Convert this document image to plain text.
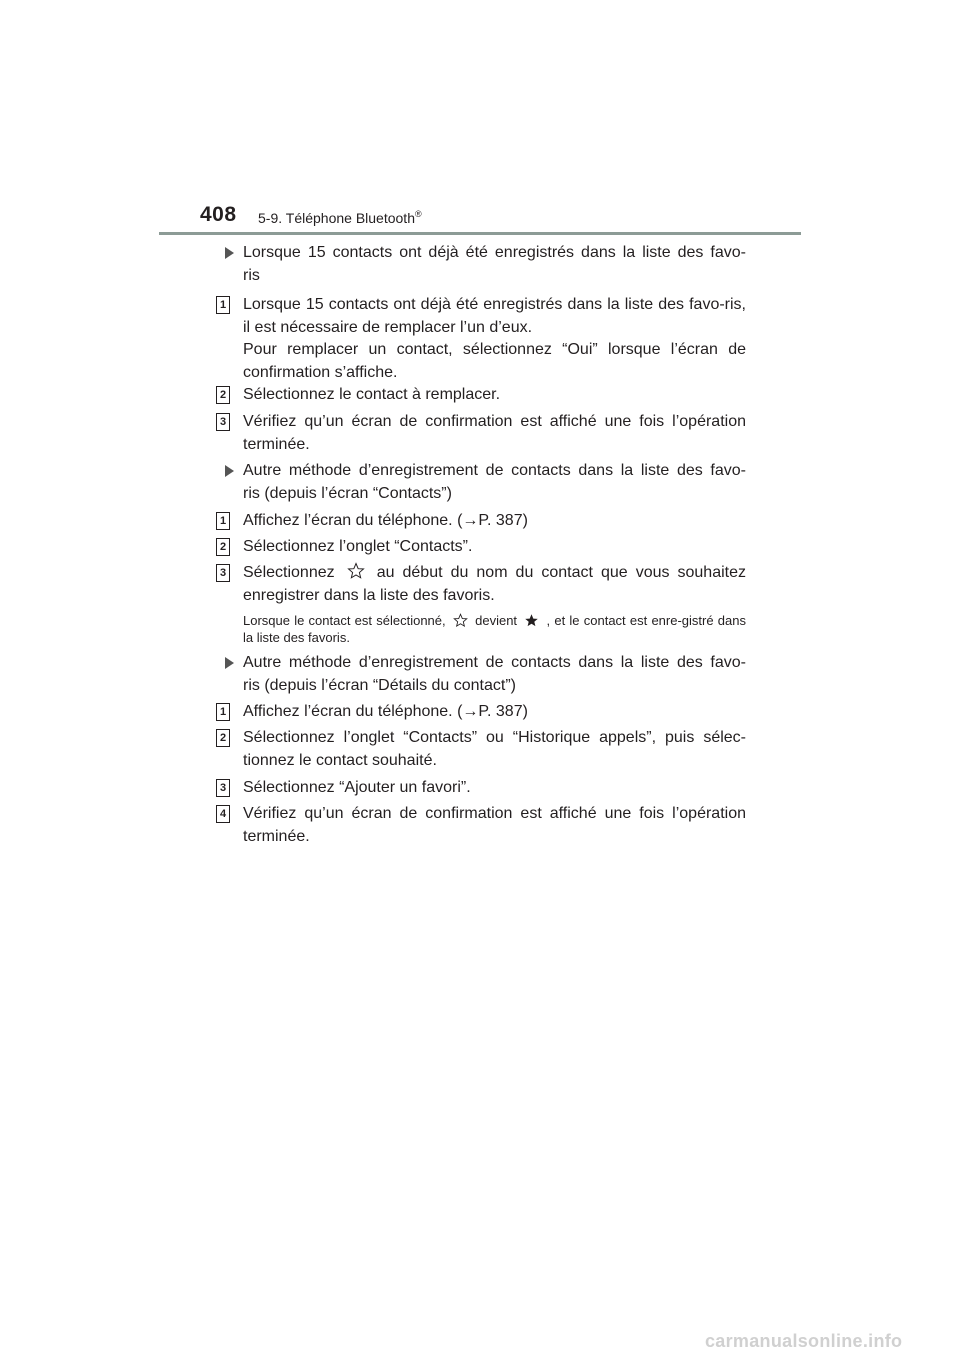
408 5-9. Téléphone Bluetooth®
Lorsque 15 contacts ont déjà été enregistrés dans la liste des favo-
ris
1 Lorsque 15 contacts ont déjà été enregistrés dans la liste des favo-ris, il est nécessaire de remplacer l’un d’eux.
Pour remplacer un contact, sélectionnez “Oui” lorsque l’écran de confirmation s’affiche.
2 Sélectionnez le contact à remplacer.
3 Vérifiez qu’un écran de confirmation est affiché une fois l’opération terminée.
Autre méthode d’enregistrement de contacts dans la liste des favo-
ris (depuis l’écran “Contacts”)
1 Affichez l’écran du téléphone. (→P. 387)
2 Sélectionnez l’onglet “Contacts”.
3 Sélectionnez	au début du nom du contact que vous souhaitez enregistrer dans la liste des favoris.
Lorsque le contact est sélectionné, devient , et le contact est enre-gistré dans la liste des favoris.
Autre méthode d’enregistrement de contacts dans la liste des favo-
ris (depuis l’écran “Détails du contact”)
1 Affichez l’écran du téléphone. (→P. 387)
2 Sélectionnez l’onglet “Contacts” ou “Historique appels”, puis sélec-tionnez le contact souhaité.
3 Sélectionnez “Ajouter un favori”.
4 Vérifiez qu’un écran de confirmation est affiché une fois l’opération terminée.
carmanualsonline.info
